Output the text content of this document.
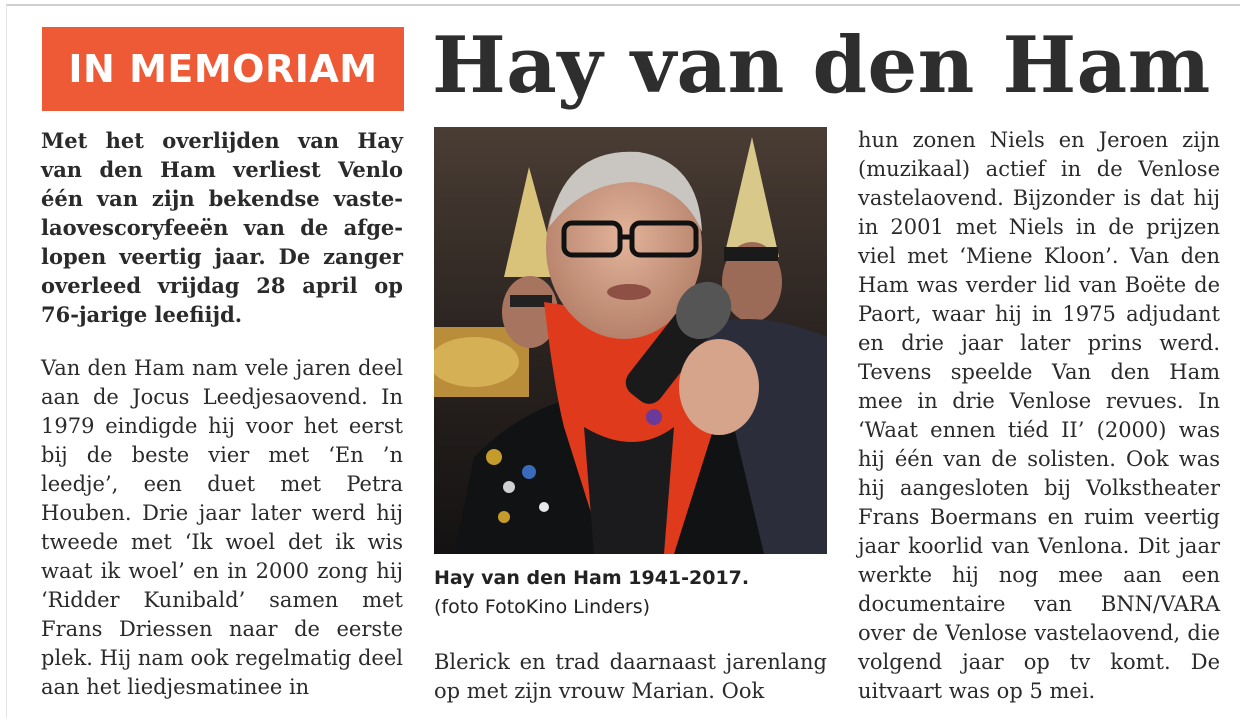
IN MEMORIAM Hay van den Ham

Met het overlijden van Hay van den Ham verliest Venlo één van zijn bekendse vastelaovescoryfeeën van de afgelopen veertig jaar. De zanger overleed vrijdag 28 april op 76-jarige leefiijd.

Van den Ham nam vele jaren deel aan de Jocus Leedjesaovend. In 1979 eindigde hij voor het eerst bij de beste vier met ‘En ’n leedje’, een duet met Petra Houben. Drie jaar later werd hij tweede met ‘Ik woel det ik wis waat ik woel’ en in 2000 zong hij ‘Ridder Kunibald’ samen met Frans Driessen naar de eerste plek. Hij nam ook regelmatig deel aan het liedjesmatinee in

Hay van den Ham 1941-2017.
(foto FotoKino Linders)

Blerick en trad daarnaast jarenlang op met zijn vrouw Marian. Ook

hun zonen Niels en Jeroen zijn (muzikaal) actief in de Venlose vastelaovend. Bijzonder is dat hij in 2001 met Niels in de prijzen viel met ‘Miene Kloon’. Van den Ham was verder lid van Boëte de Paort, waar hij in 1975 adjudant en drie jaar later prins werd. Tevens speelde Van den Ham mee in drie Venlose revues. In ‘Waat ennen tiéd II’ (2000) was hij één van de solisten. Ook was hij aangesloten bij Volkstheater Frans Boermans en ruim veertig jaar koorlid van Venlona. Dit jaar werkte hij nog mee aan een documentaire van BNN/VARA over de Venlose vastelaovend, die volgend jaar op tv komt. De uitvaart was op 5 mei.
